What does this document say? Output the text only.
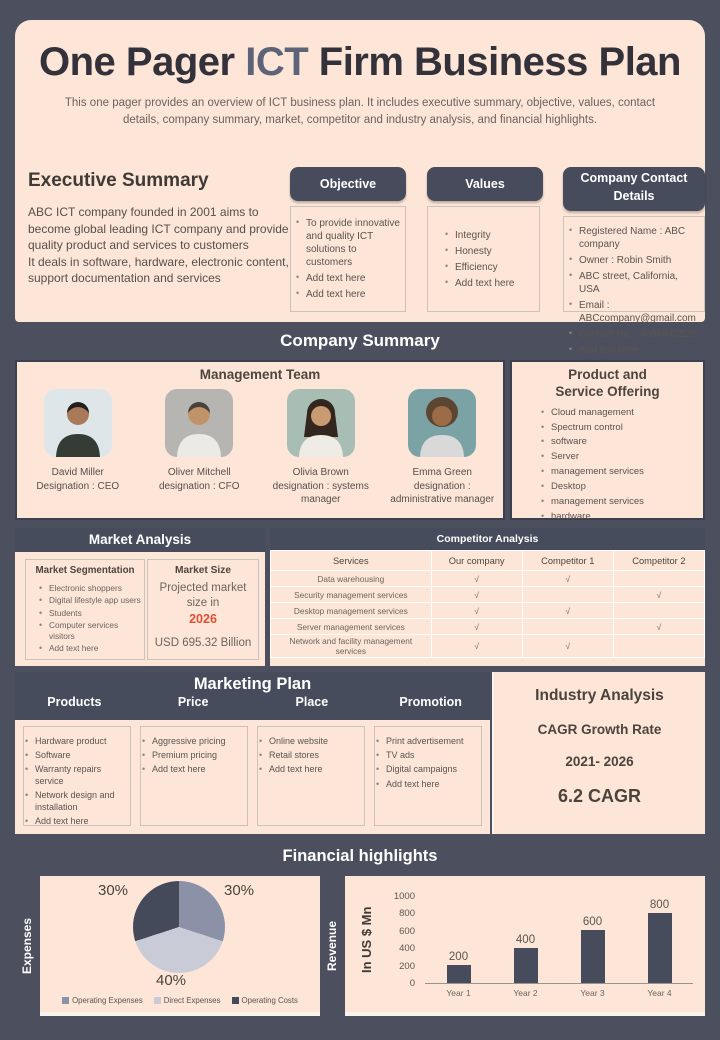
One Pager ICT Firm Business Plan

This one pager provides an overview of ICT business plan. It includes executive summary, objective, values, contact details, company summary, market, competitor and industry analysis, and financial highlights.

Executive Summary

ABC ICT company founded in 2001 aims to become global leading ICT company and provide quality product and services to customers

It deals in software, hardware, electronic content, support documentation and services

Objective
• To provide innovative and quality ICT solutions to customers
• Add text here
• Add text here
Values
• Integrity
• Honesty
• Efficiency
• Add text here
Company Contact Details
• Registered Name : ABC company
• Owner : Robin Smith
• ABC street, California, USA
• Email : ABCcompany@gmail.com
• Contact No. : 4056842525
• Add text here
Company Summary
Management Team
David Miller
Designation : CEO
Oliver Mitchell
designation : CFO
Olivia Brown
designation : systems manager
Emma Green
designation : administrative manager
Product and
Service Offering
• Cloud management
• Spectrum control
• software
• Server
• management services
• Desktop
• management services
• hardware
Market Analysis
Market Segmentation
• Electronic shoppers
• Digital lifestyle app users
• Students
• Computer services visitors
• Add text here
Market Size
Projected market size in
2026
USD 695.32 Billion
Competitor Analysis
Services	Our company	Competitor 1	Competitor 2
Data warehousing	√	√	
Security management services	√		√
Desktop management services	√	√	
Server management services	√		√
Network and facility management services	√	√	
Marketing Plan
Products	Price	Place	Promotion
• Hardware product
• Software
• Warranty repairs service
• Network design and installation
• Add text here
• Aggressive pricing
• Premium pricing
• Add text here
• Online website
• Retail stores
• Add text here
• Print advertisement
• TV ads
• Digital campaigns
• Add text here
Industry Analysis
CAGR Growth Rate
2021- 2026
6.2 CAGR
Financial highlights
Expenses
30%	30%
40%
Operating Expenses	Direct Expenses	Operating Costs
Revenue In US $ Mn
1000
800
600
400
200
0
200
400
600
800
Year 1	Year 2	Year 3	Year 4
